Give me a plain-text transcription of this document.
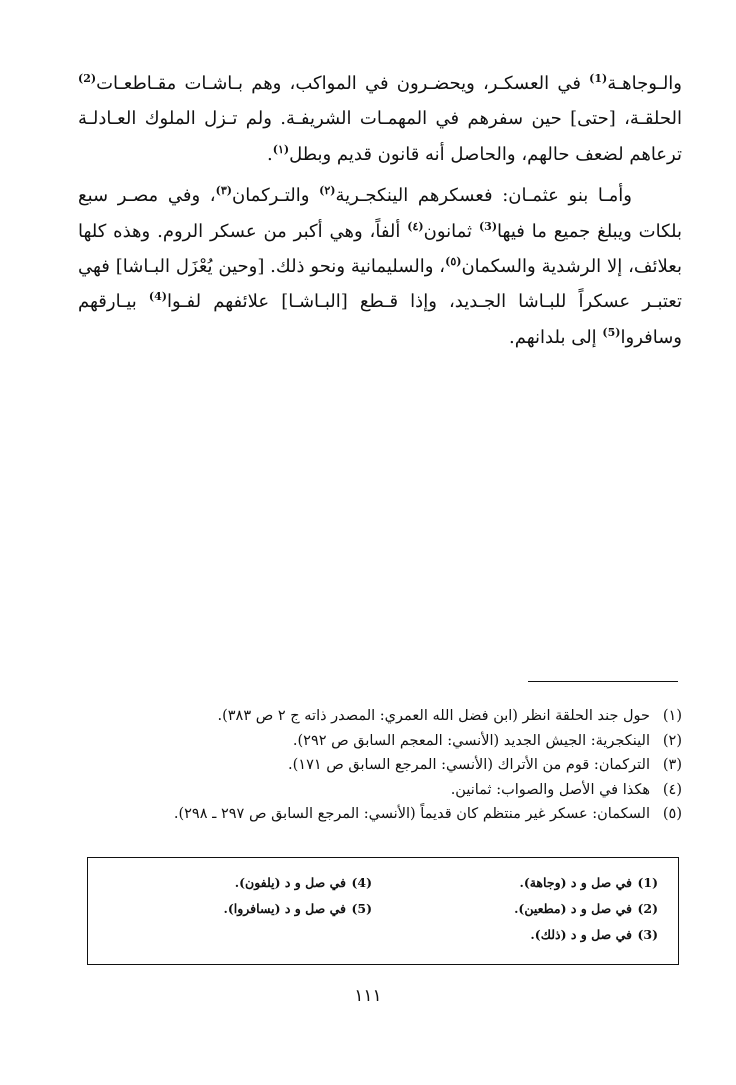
والـوجاهـة$^{(1)}$ في العسكـر، ويحضـرون في المواكب، وهم بـاشـات مقـاطعـات$^{(2)}$ الحلقـة، [حتى] حين سفرهم في المهمـات الشريفـة. ولم تـزل الملوك العـادلـة ترعاهم لضعف حالهم، والحاصل أنه قانون قديم وبطل$^{(١)}$.

وأمـا بنو عثمـان: فعسكرهم الينكجـرية$^{(٢)}$ والتـركمان$^{(٣)}$، وفي مصـر سبع بلكات ويبلغ جميع ما فيها$^{(3)}$ ثمانون$^{(٤)}$ ألفاً، وهي أكبر من عسكر الروم. وهذه كلها بعلائف، إلا الرشدية والسكمان$^{(٥)}$، والسليمانية ونحو ذلك. [وحين يُعْزَل البـاشا] فهي تعتبـر عسكراً للبـاشا الجـديد، وإذا قـطع [البـاشـا] علائفهم لفـوا$^{(4)}$ بيـارقهم وسافروا$^{(5)}$ إلى بلدانهم.

(١)حول جند الحلقة انظر (ابن فضل الله العمري: المصدر ذاته ج ٢ ص ٣٨٣).
(٢)الينكجرية: الجيش الجديد (الأنسي: المعجم السابق ص ٢٩٢).
(٣)التركمان: قوم من الأتراك (الأنسي: المرجع السابق ص ١٧١).
(٤)هكذا في الأصل والصواب: ثمانين.
(٥)السكمان: عسكر غير منتظم كان قديماً (الأنسي: المرجع السابق ص ٢٩٧ ـ ٢٩٨).
(1)في صل و د (وجاهة).
(2)في صل و د (مطعين).
(3)في صل و د (ذلك).
(4)في صل و د (يلفون).
(5)في صل و د (يسافروا).
١١١
